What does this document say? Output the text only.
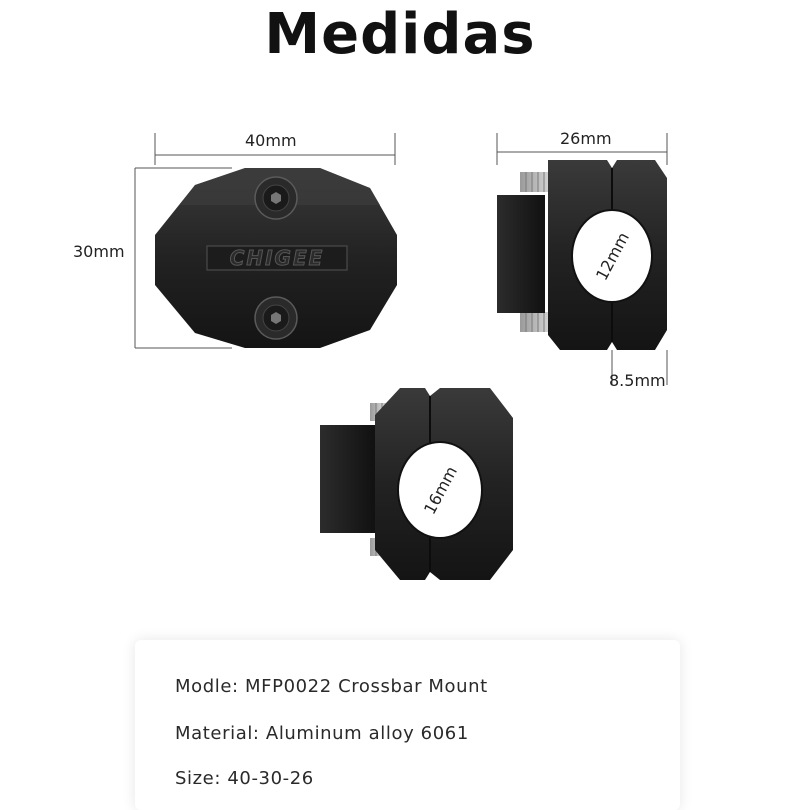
Medidas
CHIGEE	12mm
16mm
40mm
30mm
26mm
8.5mm
Modle: MFP0022 Crossbar Mount
Material: Aluminum alloy 6061
Size: 40-30-26
